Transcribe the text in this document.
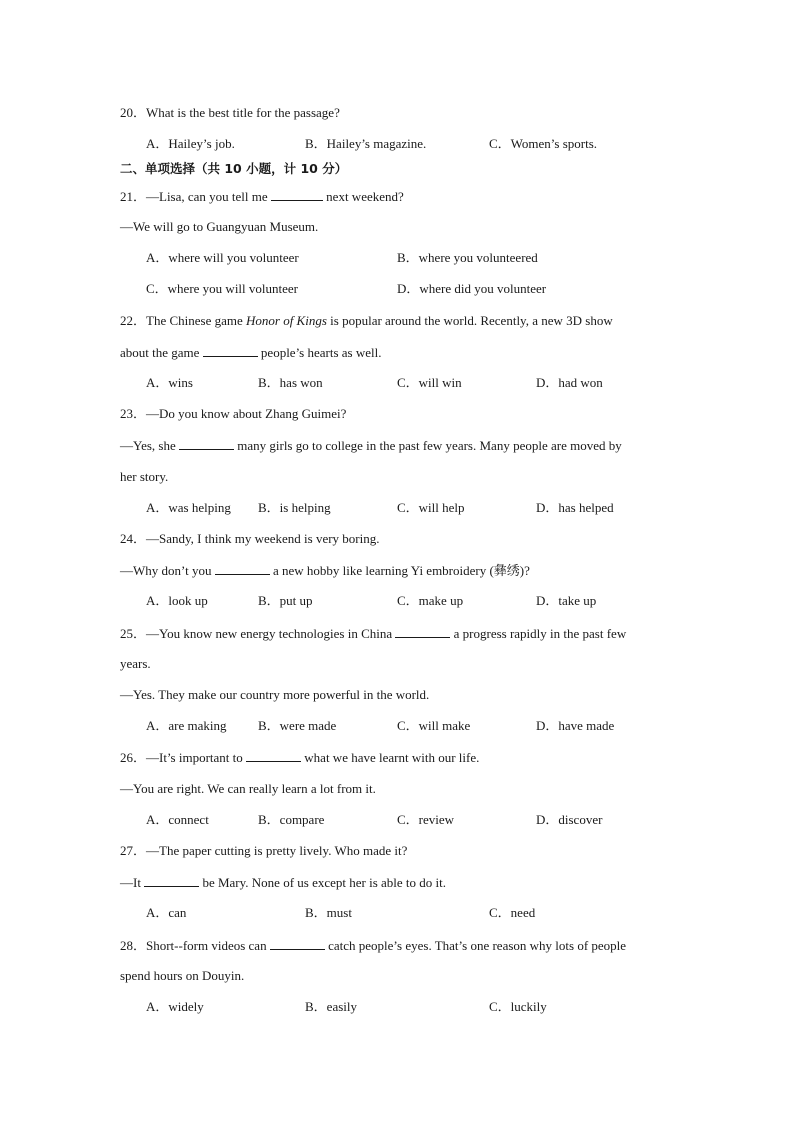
20．What is the best title for the passage?
A．Hailey’s job.	B．Hailey’s magazine.	C．Women’s sports.
二、单项选择（共 10 小题，计 10 分）
21．—Lisa, can you tell me	next weekend?
—We will go to Guangyuan Museum.
A．where will you volunteer	B．where you volunteered
C．where you will volunteer	D．where did you volunteer
22．The Chinese game Honor of Kings is popular around the world. Recently, a new 3D show
about the game	people’s hearts as well.
A．wins	B．has won	C．will win	D．had won
23．—Do you know about Zhang Guimei?
—Yes, she	many girls go to college in the past few years. Many people are moved by
her story.
A．was helping B．is helping	C．will help	D．has helped
24．—Sandy, I think my weekend is very boring.
—Why don’t you	a new hobby like learning Yi embroidery (彝绣)?
A．look up	B．put up	C．make up	D．take up
25．—You know new energy technologies in China	a progress rapidly in the past few
years.
—Yes. They make our country more powerful in the world.
A．are making B．were made	C．will make	D．have made
26．—It’s important to	what we have learnt with our life.
—You are right. We can really learn a lot from it.
A．connect	B．compare	C．review	D．discover
27．—The paper cutting is pretty lively. Who made it?
—It	be Mary. None of us except her is able to do it.
A．can	B．must	C．need
28．Short--form videos can	catch people’s eyes. That’s one reason why lots of people
spend hours on Douyin.
A．widely	B．easily	C．luckily
